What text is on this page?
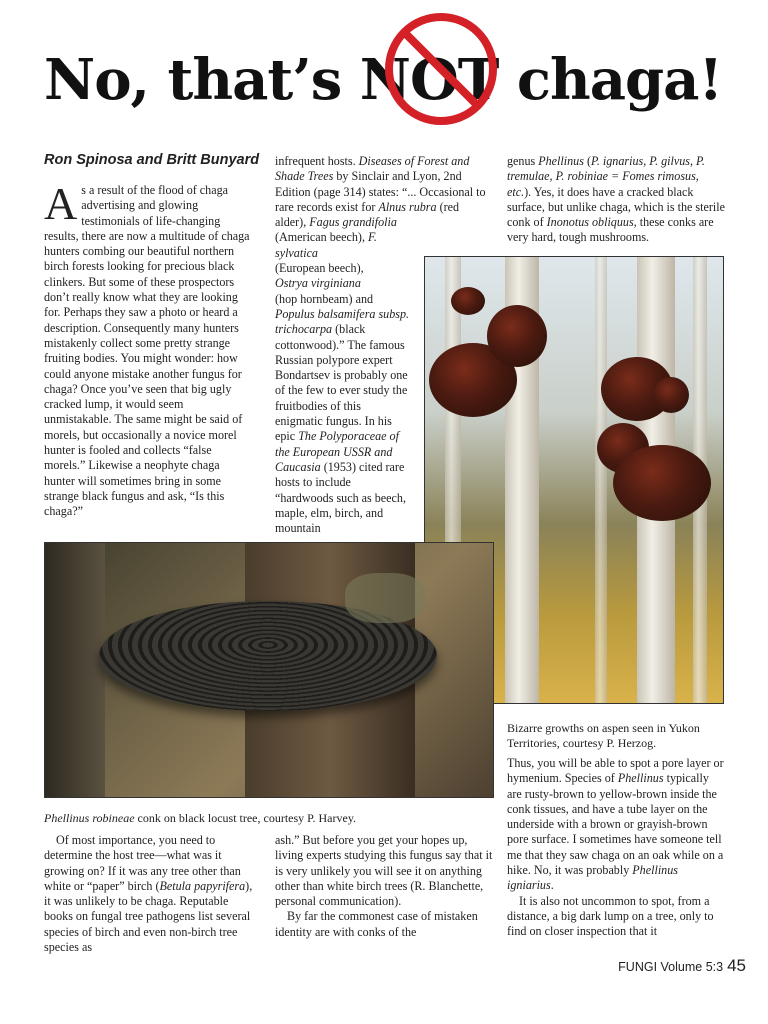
No, that’s NOT chaga!
Ron Spinosa and Britt Bunyard

As a result of the flood of chaga advertising and glowing testimonials of life-changing results, there are now a multitude of chaga hunters combing our beautiful northern birch forests looking for precious black clinkers. But some of these prospectors don’t really know what they are looking for. Perhaps they saw a photo or heard a description. Consequently many hunters mistakenly collect some pretty strange fruiting bodies. You might wonder: how could anyone mistake another fungus for chaga? Once you’ve seen that big ugly cracked lump, it would seem unmistakable. The same might be said of morels, but occasionally a novice morel hunter is fooled and collects “false morels.” Likewise a neophyte chaga hunter will sometimes bring in some strange black fungus and ask, “Is this chaga?”

infrequent hosts. Diseases of Forest and Shade Trees by Sinclair and Lyon, 2nd Edition (page 314) states: “... Occasional to rare records exist for Alnus rubra (red alder), Fagus grandifolia

(American beech), F. sylvatica
(European beech),
Ostrya virginiana
(hop hornbeam) and Populus balsamifera subsp. trichocarpa (black cottonwood).” The famous Russian polypore expert Bondartsev is probably one of the few to ever study the fruitbodies of this enigmatic fungus. In his epic The Polyporaceae of the European USSR and Caucasia (1953) cited rare hosts to include “hardwoods such as beech, maple, elm, birch, and mountain

genus Phellinus (P. ignarius, P. gilvus, P. tremulae, P. robiniae = Fomes rimosus, etc.). Yes, it does have a cracked black surface, but unlike chaga, which is the sterile conk of Inonotus obliquus, these conks are very hard, tough mushrooms.

Phellinus robineae conk on black locust tree, courtesy P. Harvey.

Bizarre growths on aspen seen in Yukon Territories, courtesy P. Herzog.

Of most importance, you need to determine the host tree—what was it growing on? If it was any tree other than white or “paper” birch (Betula papyrifera), it was unlikely to be chaga. Reputable books on fungal tree pathogens list several species of birch and even non-birch tree species as

ash.” But before you get your hopes up, living experts studying this fungus say that it is very unlikely you will see it on anything other than white birch trees (R. Blanchette, personal communication).

By far the commonest case of mistaken identity are with conks of the

Thus, you will be able to spot a pore layer or hymenium. Species of Phellinus typically are rusty-brown to yellow-brown inside the conk tissues, and have a tube layer on the underside with a brown or grayish-brown pore surface. I sometimes have someone tell me that they saw chaga on an oak while on a hike. No, it was probably Phellinus igniarius.

It is also not uncommon to spot, from a distance, a big dark lump on a tree, only to find on closer inspection that it

FUNGI Volume 5:3 45
